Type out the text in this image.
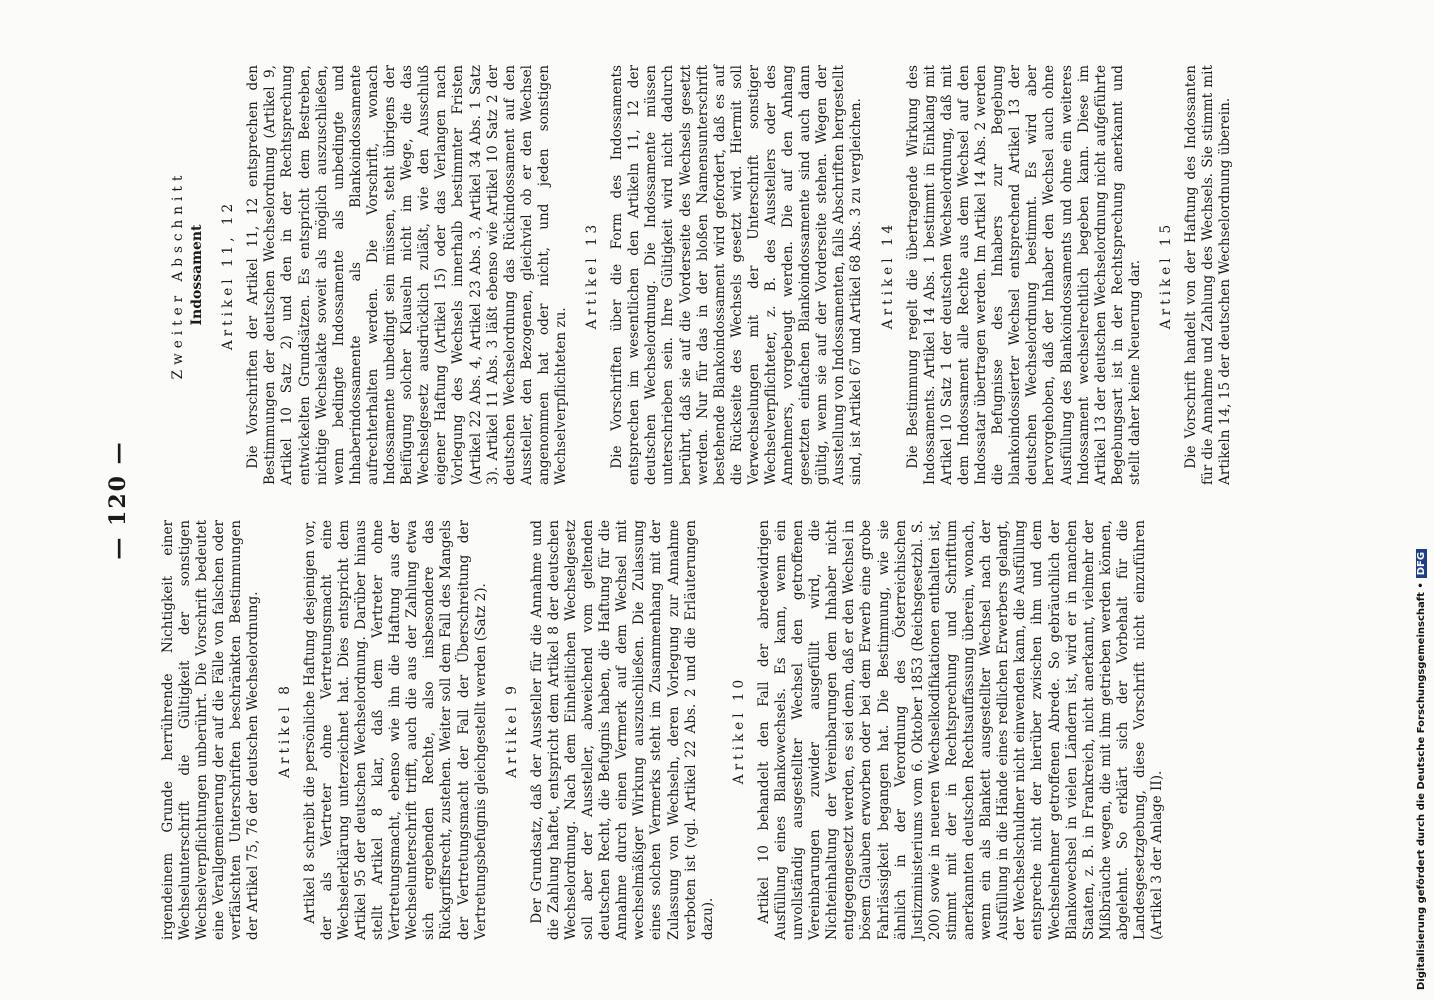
— 120 —

irgendeinem Grunde herrührende Nichtigkeit einer Wechselunterschrift die Gültigkeit der sonstigen Wechselverpflichtungen unberührt. Die Vorschrift bedeutet eine Verallgemeinerung der auf die Fälle von falschen oder verfälschten Unterschriften beschränkten Bestimmungen der Artikel 75, 76 der deutschen Wechselordnung. Artikel 8 Artikel 8 schreibt die persönliche Haftung desjenigen vor, der als Vertreter ohne Vertretungsmacht eine Wechselerklärung unterzeichnet hat. Dies entspricht dem Artikel 95 der deutschen Wechselordnung. Darüber hinaus stellt Artikel 8 klar, daß dem Vertreter ohne Vertretungsmacht, ebenso wie ihn die Haftung aus der Wechselunterschrift trifft, auch die aus der Zahlung etwa sich ergebenden Rechte, also insbesondere das Rückgriffsrecht, zustehen. Weiter soll dem Fall des Mangels der Vertretungsmacht der Fall der Überschreitung der Vertretungsbefugnis gleichgestellt werden (Satz 2). Artikel 9 Der Grundsatz, daß der Aussteller für die Annahme und die Zahlung haftet, entspricht dem Artikel 8 der deutschen Wechselordnung. Nach dem Einheitlichen Wechselgesetz soll aber der Aussteller, abweichend vom geltenden deutschen Recht, die Befugnis haben, die Haftung für die Annahme durch einen Vermerk auf dem Wechsel mit wechselmäßiger Wirkung auszuschließen. Die Zulassung eines solchen Vermerks steht im Zusammenhang mit der Zulassung von Wechseln, deren Vorlegung zur Annahme verboten ist (vgl. Artikel 22 Abs. 2 und die Erläuterungen dazu).

Artikel 10 Artikel 10 behandelt den Fall der abredewidrigen Ausfüllung eines Blankowechsels. Es kann, wenn ein unvollständig ausgestellter Wechsel den getroffenen Vereinbarungen zuwider ausgefüllt wird, die Nichteinhaltung der Vereinbarungen dem Inhaber nicht entgegengesetzt werden, es sei denn, daß er den Wechsel in bösem Glauben erworben oder bei dem Erwerb eine grobe Fahrlässigkeit begangen hat. Die Bestimmung, wie sie ähnlich in der Verordnung des Österreichischen Justizministeriums vom 6. Oktober 1853 (Reichsgesetzbl. S. 200) sowie in neueren Wechselkodifikationen enthalten ist, stimmt mit der in Rechtsprechung und Schrifttum anerkannten deutschen Rechtsauffassung überein, wonach, wenn ein als Blankett ausgestellter Wechsel nach der Ausfüllung in die Hände eines redlichen Erwerbers gelangt, der Wechselschuldner nicht einwenden kann, die Ausfüllung entspreche nicht der hierüber zwischen ihm und dem Wechselnehmer getroffenen Abrede. So gebräuchlich der Blankowechsel in vielen Ländern ist, wird er in manchen Staaten, z. B. in Frankreich, nicht anerkannt, vielmehr der Mißbräuche wegen, die mit ihm getrieben werden können, abgelehnt. So erklärt sich der Vorbehalt für die Landesgesetzgebung, diese Vorschrift nicht einzuführen (Artikel 3 der Anlage II).

Zweiter Abschnitt Indossament Artikel 11, 12 Die Vorschriften der Artikel 11, 12 entsprechen den Bestimmungen der deutschen Wechselordnung (Artikel 9, Artikel 10 Satz 2) und den in der Rechtsprechung entwickelten Grundsätzen. Es entspricht dem Bestreben, nichtige Wechselakte soweit als möglich auszuschließen, wenn bedingte Indossamente als unbedingte und Inhaberindossamente als Blankoindossamente aufrechterhalten werden. Die Vorschrift, wonach Indossamente unbedingt sein müssen, steht übrigens der Beifügung solcher Klauseln nicht im Wege, die das Wechselgesetz ausdrücklich zuläßt, wie den Ausschluß eigener Haftung (Artikel 15) oder das Verlangen nach Vorlegung des Wechsels innerhalb bestimmter Fristen (Artikel 22 Abs. 4, Artikel 23 Abs. 3, Artikel 34 Abs. 1 Satz 3). Artikel 11 Abs. 3 läßt ebenso wie Artikel 10 Satz 2 der deutschen Wechselordnung das Rückindossament auf den Aussteller, den Bezogenen, gleichviel ob er den Wechsel angenommen hat oder nicht, und jeden sonstigen Wechselverpflichteten zu.

Artikel 13 Die Vorschriften über die Form des Indossaments entsprechen im wesentlichen den Artikeln 11, 12 der deutschen Wechselordnung. Die Indossamente müssen unterschrieben sein. Ihre Gültigkeit wird nicht dadurch berührt, daß sie auf die Vorderseite des Wechsels gesetzt werden. Nur für das in der bloßen Namensunterschrift bestehende Blankoindossament wird gefordert, daß es auf die Rückseite des Wechsels gesetzt wird. Hiermit soll Verwechselungen mit der Unterschrift sonstiger Wechselverpflichteter, z. B. des Ausstellers oder des Annehmers, vorgebeugt werden. Die auf den Anhang gesetzten einfachen Blankoindossamente sind auch dann gültig, wenn sie auf der Vorderseite stehen. Wegen der Ausstellung von Indossamenten, falls Abschriften hergestellt sind, ist Artikel 67 und Artikel 68 Abs. 3 zu vergleichen. Artikel 14 Die Bestimmung regelt die übertragende Wirkung des Indossaments. Artikel 14 Abs. 1 bestimmt in Einklang mit Artikel 10 Satz 1 der deutschen Wechselordnung, daß mit dem Indossament alle Rechte aus dem Wechsel auf den Indossatar übertragen werden. Im Artikel 14 Abs. 2 werden die Befugnisse des Inhabers zur Begebung blankoindossierter Wechsel entsprechend Artikel 13 der deutschen Wechselordnung bestimmt. Es wird aber hervorgehoben, daß der Inhaber den Wechsel auch ohne Ausfüllung des Blankoindossaments und ohne ein weiteres Indossament wechselrechtlich begeben kann. Diese im Artikel 13 der deutschen Wechselordnung nicht aufgeführte Begebungsart ist in der Rechtsprechung anerkannt und stellt daher keine Neuerung dar. Artikel 15 Die Vorschrift handelt von der Haftung des Indossanten für die Annahme und Zahlung des Wechsels. Sie stimmt mit Artikeln 14, 15 der deutschen Wechselordnung überein.

Digitalisierung gefördert durch die Deutsche Forschungsgemeinschaft •DFG
